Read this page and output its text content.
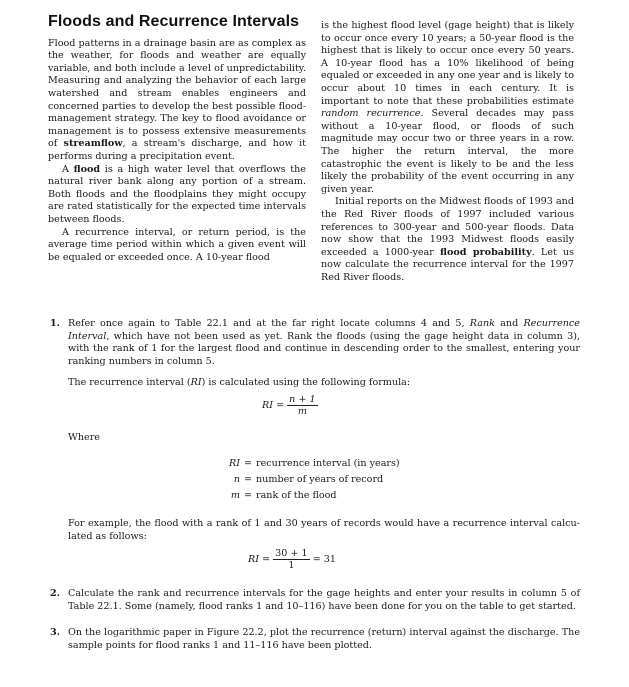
Floods and Recurrence Intervals

Flood patterns in a drainage basin are as complex as the weather, for floods and weather are equally variable, and both include a level of unpredictability. Measuring and analyzing the behavior of each large watershed and stream enables engineers and concerned parties to develop the best possible flood-management strategy. The key to flood avoidance or management is to possess extensive measurements of streamflow, a stream's discharge, and how it performs during a precipitation event.

A flood is a high water level that overflows the natural river bank along any portion of a stream. Both floods and the floodplains they might occupy are rated statistically for the expected time intervals between floods.

A recurrence interval, or return period, is the average time period within which a given event will be equaled or exceeded once. A 10-year flood

is the highest flood level (gage height) that is likely to occur once every 10 years; a 50-year flood is the highest that is likely to occur once every 50 years. A 10-year flood has a 10% likelihood of being equaled or exceeded in any one year and is likely to occur about 10 times in each century. It is important to note that these probabilities estimate random recurrence. Several decades may pass without a 10-year flood, or floods of such magnitude may occur two or three years in a row. The higher the return interval, the more catastrophic the event is likely to be and the less likely the probability of the event occurring in any given year.

Initial reports on the Midwest floods of 1993 and the Red River floods of 1997 included various references to 300-year and 500-year floods. Data now show that the 1993 Midwest floods easily exceeded a 1000-year flood probability. Let us now calculate the recurrence interval for the 1997 Red River floods.

1. Refer once again to Table 22.1 and at the far right locate columns 4 and 5, Rank and Recurrence Interval, which have not been used as yet. Rank the floods (using the gage height data in column 3), with the rank of 1 for the largest flood and continue in descending order to the smallest, entering your ranking numbers in column 5.
The recurrence interval (RI) is calculated using the following formula:
RI = $\frac{n + 1}{m}$
Where
RI = recurrence interval (in years)
n = number of years of record
m = rank of the flood
For example, the flood with a rank of 1 and 30 years of records would have a recurrence interval calculated as follows:
RI = $\frac{30 + 1}{1} = 31$
2. Calculate the rank and recurrence intervals for the gage heights and enter your results in column 5 of Table 22.1. Some (namely, flood ranks 1 and 10–116) have been done for you on the table to get started.
3. On the logarithmic paper in Figure 22.2, plot the recurrence (return) interval against the discharge. The sample points for flood ranks 1 and 11–116 have been plotted.
